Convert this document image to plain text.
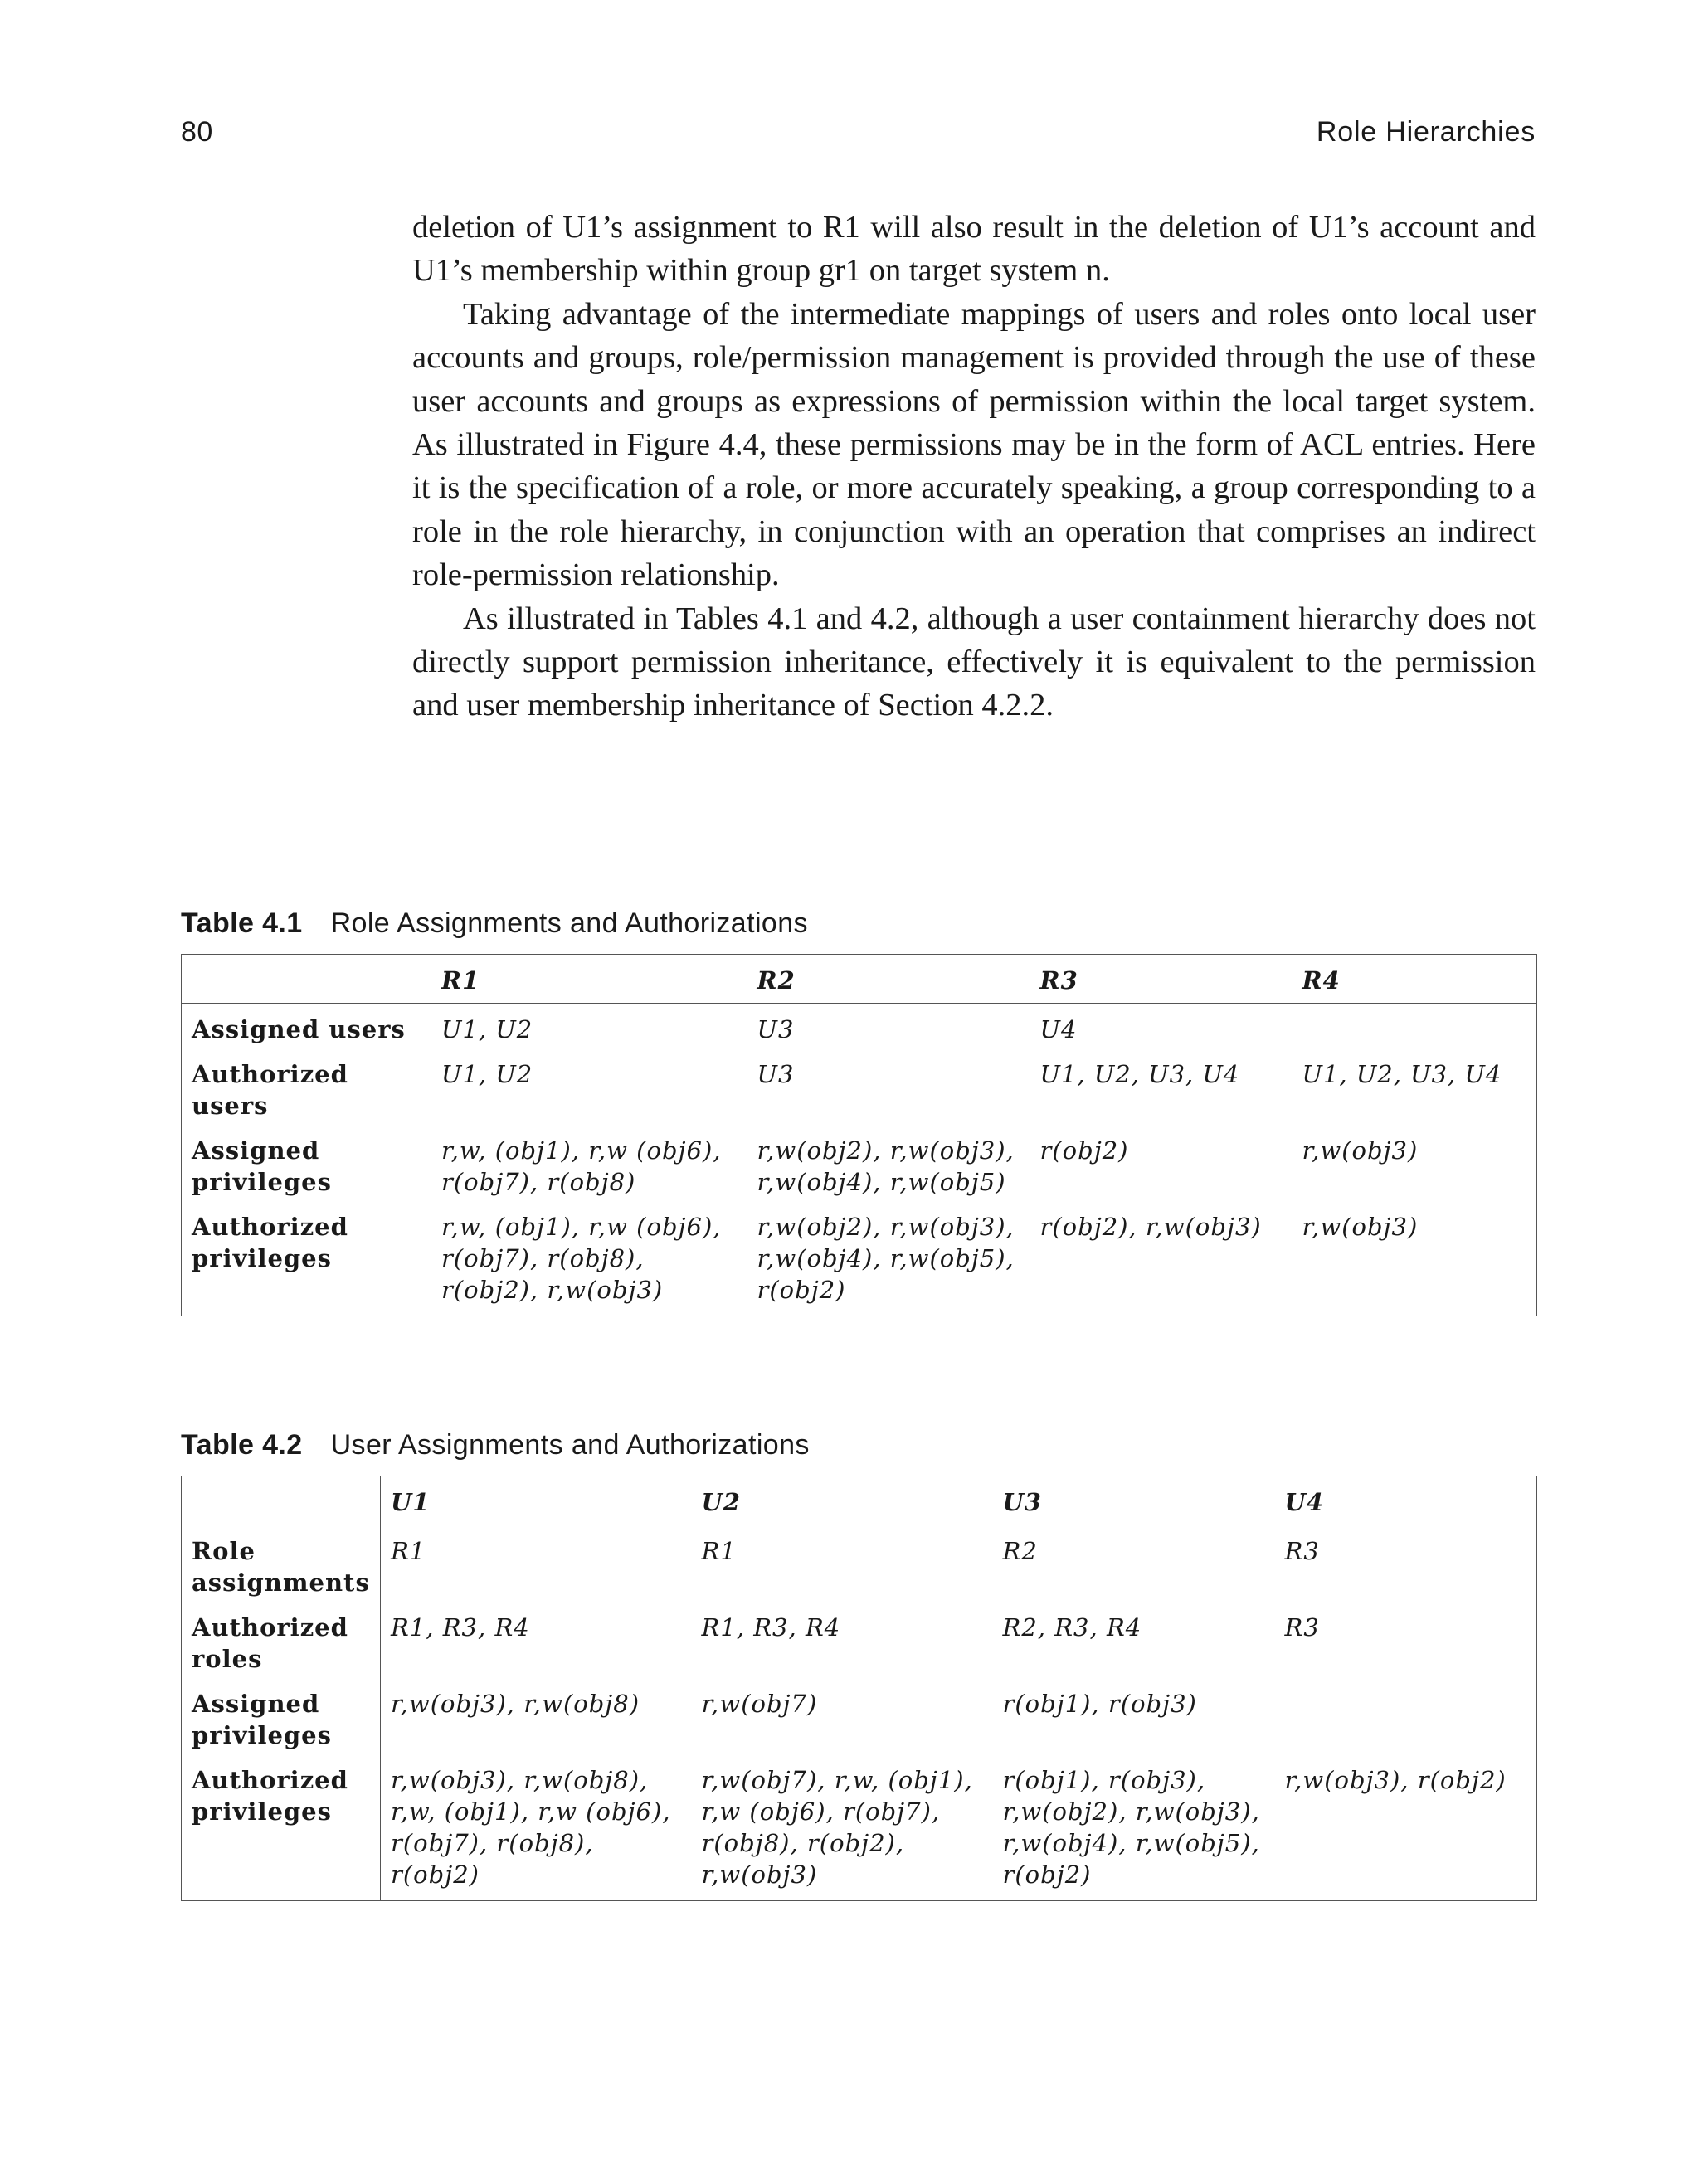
80	Role Hierarchies

deletion of U1’s assignment to R1 will also result in the deletion of U1’s account and U1’s membership within group gr1 on target system n.

Taking advantage of the intermediate mappings of users and roles onto local user accounts and groups, role/permission management is provided through the use of these user accounts and groups as expressions of permission within the local target system. As illustrated in Figure 4.4, these permissions may be in the form of ACL entries. Here it is the specification of a role, or more accurately speaking, a group corresponding to a role in the role hierarchy, in conjunction with an operation that comprises an indirect role-permission relationship.

As illustrated in Tables 4.1 and 4.2, although a user containment hierarchy does not directly support permission inheritance, effectively it is equivalent to the permission and user membership inheritance of Section 4.2.2.

Table 4.1 Role Assignments and Authorizations
	R1	R2	R3	R4
Assigned users	U1, U2	U3	U4	
Authorized users	U1, U2	U3	U1, U2, U3, U4	U1, U2, U3, U4
Assigned privileges	r,w, (obj1), r,w (obj6), r(obj7), r(obj8)	r,w(obj2), r,w(obj3), r,w(obj4), r,w(obj5)	r(obj2)	r,w(obj3)
Authorized privileges	r,w, (obj1), r,w (obj6), r(obj7), r(obj8), r(obj2), r,w(obj3)	r,w(obj2), r,w(obj3), r,w(obj4), r,w(obj5), r(obj2)	r(obj2), r,w(obj3)	r,w(obj3)
Table 4.2 User Assignments and Authorizations
	U1	U2	U3	U4
Role assignments	R1	R1	R2	R3
Authorized roles	R1, R3, R4	R1, R3, R4	R2, R3, R4	R3
Assigned privileges	r,w(obj3), r,w(obj8)	r,w(obj7)	r(obj1), r(obj3)	
Authorized privileges	r,w(obj3), r,w(obj8), r,w, (obj1), r,w (obj6), r(obj7), r(obj8), r(obj2)	r,w(obj7), r,w, (obj1), r,w (obj6), r(obj7), r(obj8), r(obj2), r,w(obj3)	r(obj1), r(obj3), r,w(obj2), r,w(obj3), r,w(obj4), r,w(obj5), r(obj2)	r,w(obj3), r(obj2)
